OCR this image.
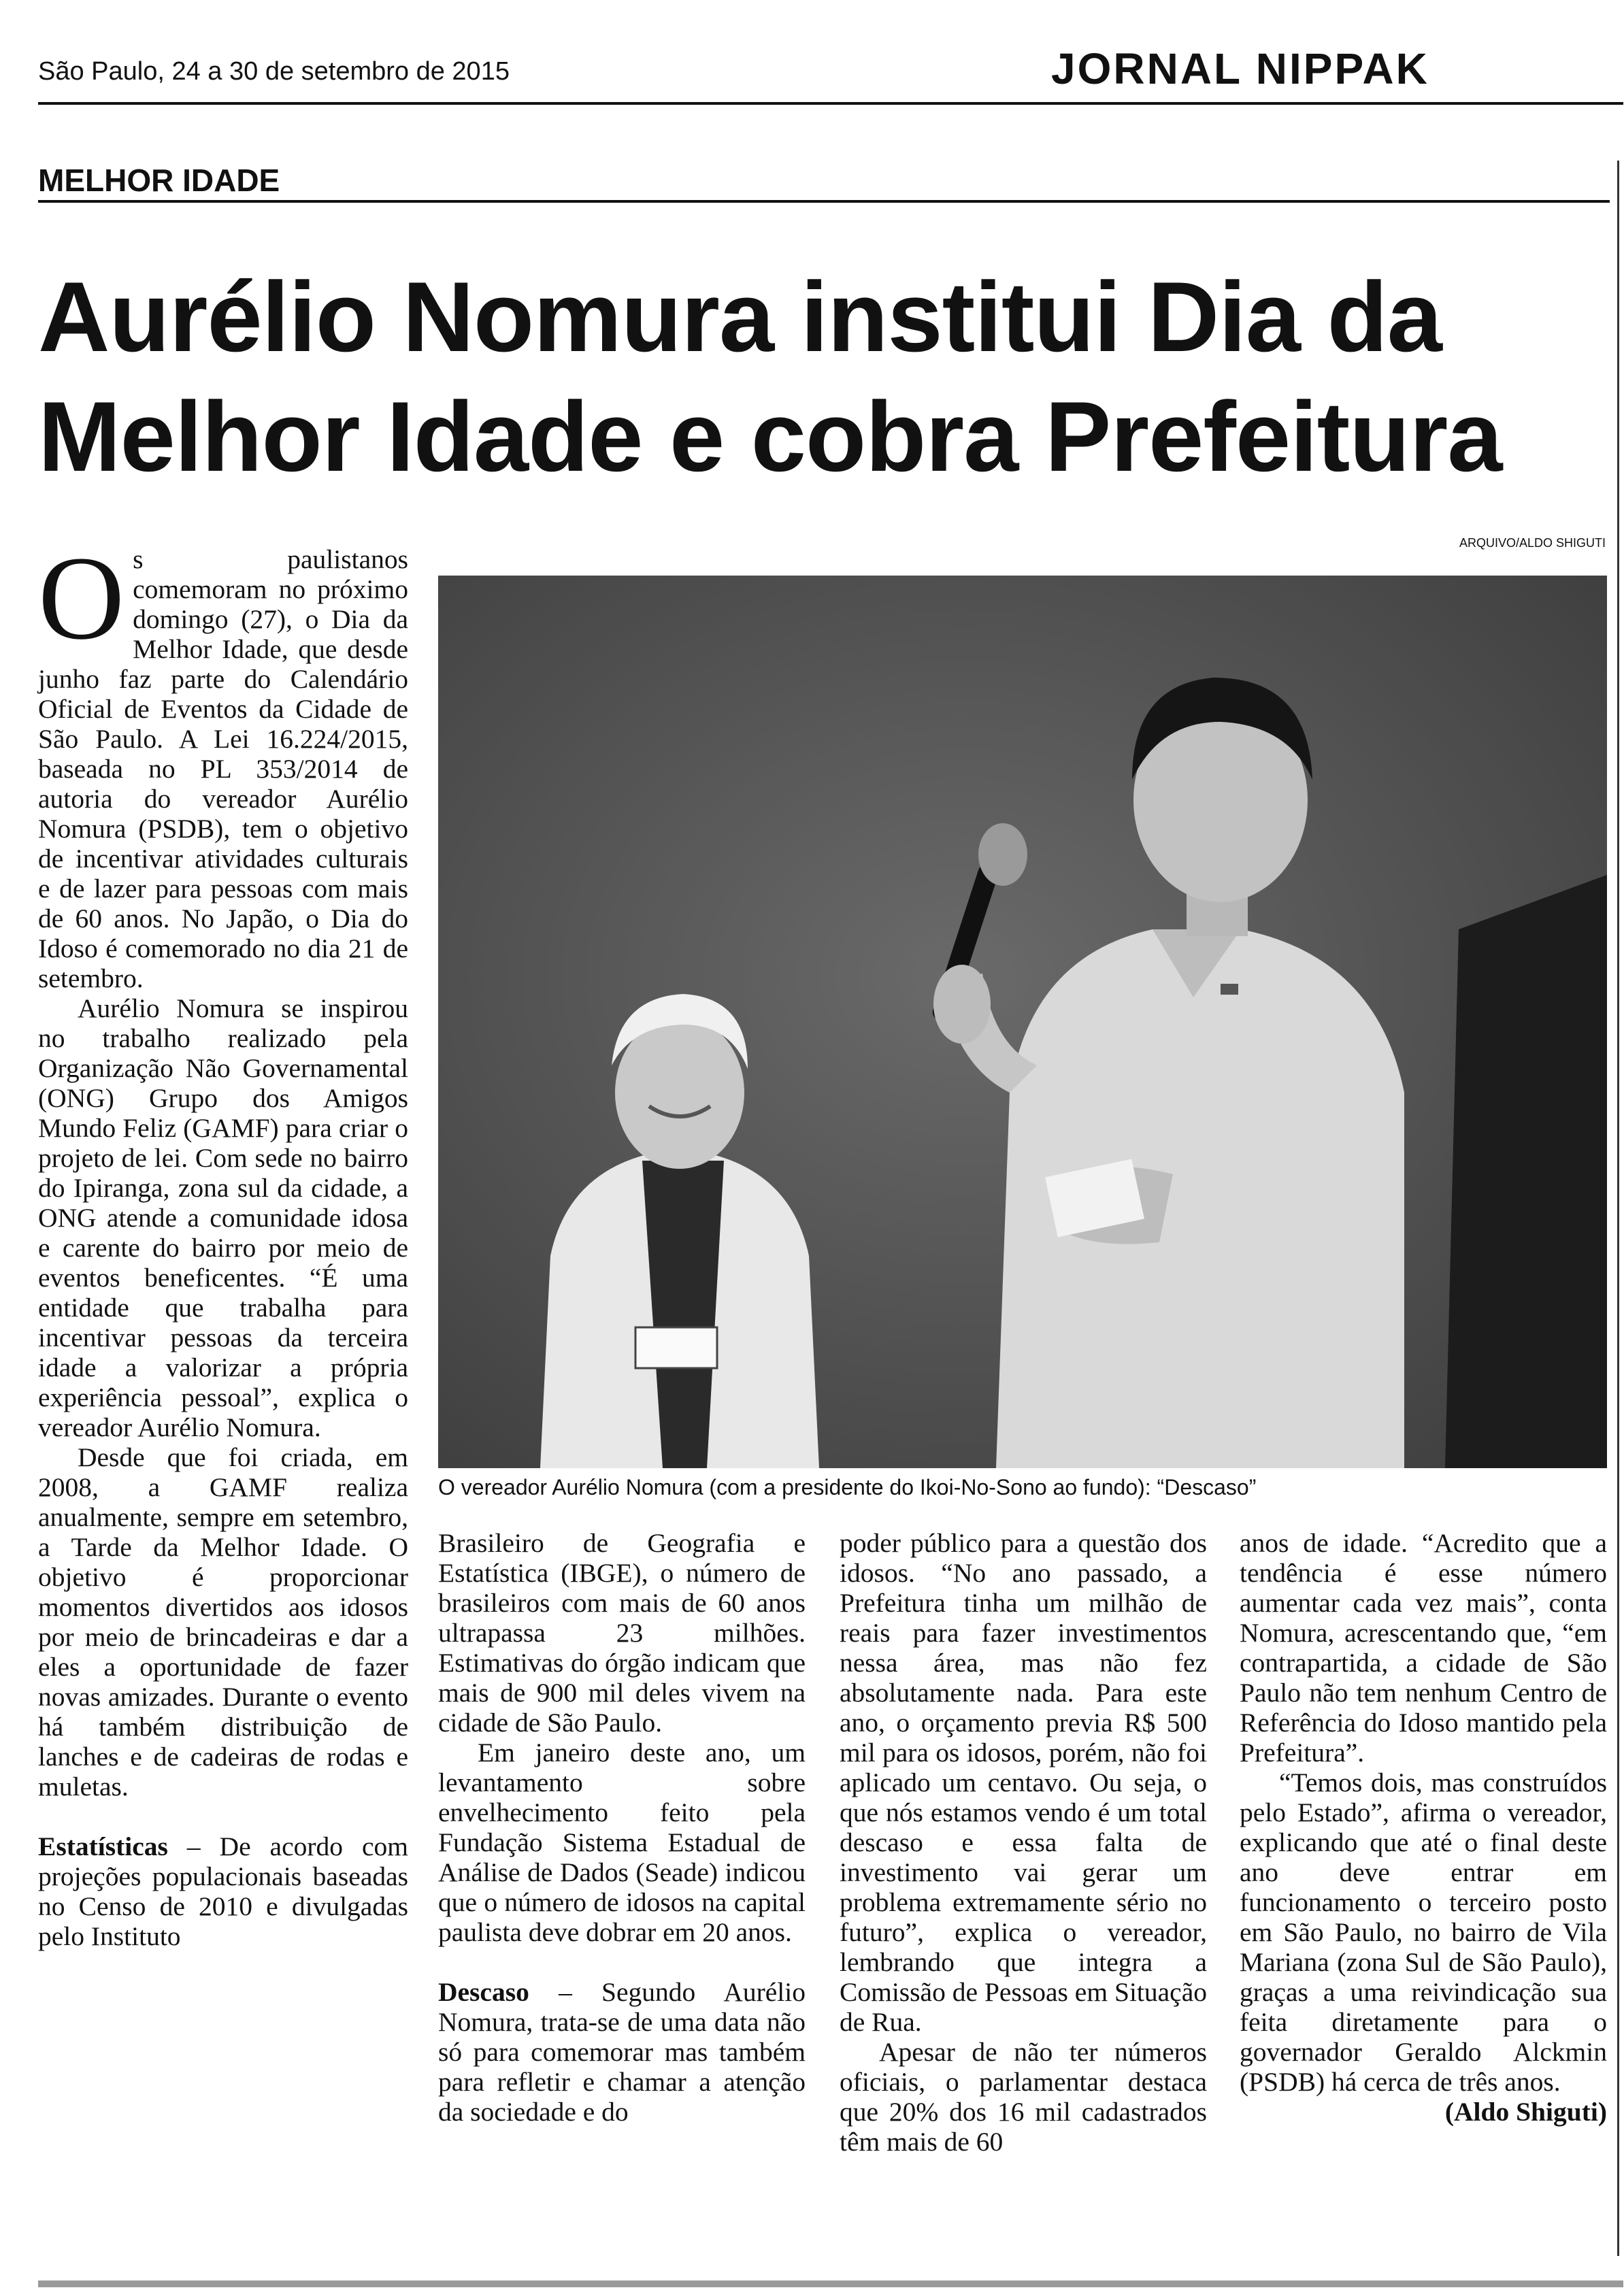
São Paulo, 24 a 30 de setembro de 2015	JORNAL NIPPAK
MELHOR IDADE
Aurélio Nomura institui Dia da Melhor Idade e cobra Prefeitura
ARQUIVO/ALDO SHIGUTI
O vereador Aurélio Nomura (com a presidente do Ikoi-No-Sono ao fundo): “Descaso”

Os paulistanos comemoram no próximo domingo (27), o Dia da Melhor Idade, que desde junho faz parte do Calendário Oficial de Eventos da Cidade de São Paulo. A Lei 16.224/2015, baseada no PL 353/2014 de autoria do vereador Aurélio Nomura (PSDB), tem o objetivo de incentivar atividades culturais e de lazer para pessoas com mais de 60 anos. No Japão, o Dia do Idoso é comemorado no dia 21 de setembro.

Aurélio Nomura se inspirou no trabalho realizado pela Organização Não Governamental (ONG) Grupo dos Amigos Mundo Feliz (GAMF) para criar o projeto de lei. Com sede no bairro do Ipiranga, zona sul da cidade, a ONG atende a comunidade idosa e carente do bairro por meio de eventos beneficentes. “É uma entidade que trabalha para incentivar pessoas da terceira idade a valorizar a própria experiência pessoal”, explica o vereador Aurélio Nomura.

Desde que foi criada, em 2008, a GAMF realiza anualmente, sempre em setembro, a Tarde da Melhor Idade. O objetivo é proporcionar momentos divertidos aos idosos por meio de brincadeiras e dar a eles a oportunidade de fazer novas amizades. Durante o evento há também distribuição de lanches e de cadeiras de rodas e muletas.

Estatísticas – De acordo com projeções populacionais baseadas no Censo de 2010 e divulgadas pelo Instituto

Brasileiro de Geografia e Estatística (IBGE), o número de brasileiros com mais de 60 anos ultrapassa 23 milhões. Estimativas do órgão indicam que mais de 900 mil deles vivem na cidade de São Paulo.

Em janeiro deste ano, um levantamento sobre envelhecimento feito pela Fundação Sistema Estadual de Análise de Dados (Seade) indicou que o número de idosos na capital paulista deve dobrar em 20 anos.

Descaso – Segundo Aurélio Nomura, trata-se de uma data não só para comemorar mas também para refletir e chamar a atenção da sociedade e do

poder público para a questão dos idosos. “No ano passado, a Prefeitura tinha um milhão de reais para fazer investimentos nessa área, mas não fez absolutamente nada. Para este ano, o orçamento previa R$ 500 mil para os idosos, porém, não foi aplicado um centavo. Ou seja, o que nós estamos vendo é um total descaso e essa falta de investimento vai gerar um problema extremamente sério no futuro”, explica o vereador, lembrando que integra a Comissão de Pessoas em Situação de Rua.

Apesar de não ter números oficiais, o parlamentar destaca que 20% dos 16 mil cadastrados têm mais de 60

anos de idade. “Acredito que a tendência é esse número aumentar cada vez mais”, conta Nomura, acrescentando que, “em contrapartida, a cidade de São Paulo não tem nenhum Centro de Referência do Idoso mantido pela Prefeitura”.

“Temos dois, mas construídos pelo Estado”, afirma o vereador, explicando que até o final deste ano deve entrar em funcionamento o terceiro posto em São Paulo, no bairro de Vila Mariana (zona Sul de São Paulo), graças a uma reivindicação sua feita diretamente para o governador Geraldo Alckmin (PSDB) há cerca de três anos.

(Aldo Shiguti)
